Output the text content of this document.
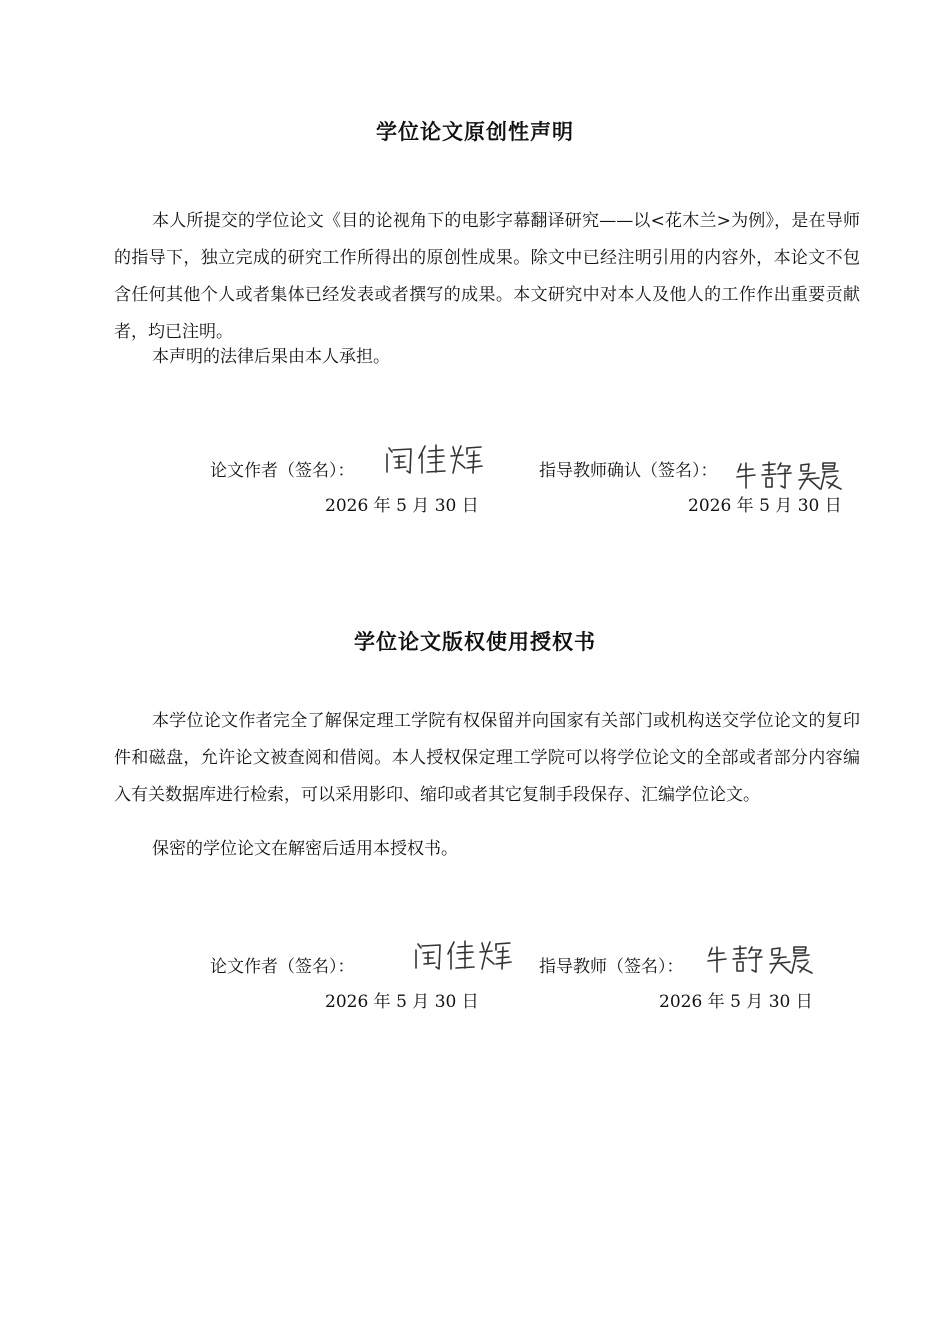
学位论文原创性声明

本人所提交的学位论文《目的论视角下的电影字幕翻译研究——以<花木兰>为例》，是在导师的指导下，独立完成的研究工作所得出的原创性成果。除文中已经注明引用的内容外，本论文不包含任何其他个人或者集体已经发表或者撰写的成果。本文研究中对本人及他人的工作作出重要贡献者，均已注明。

本声明的法律后果由本人承担。

论文作者（签名）：	指导教师确认（签名）：
2026 年 5 月 30 日	2026 年 5 月 30 日
学位论文版权使用授权书

本学位论文作者完全了解保定理工学院有权保留并向国家有关部门或机构送交学位论文的复印件和磁盘，允许论文被查阅和借阅。本人授权保定理工学院可以将学位论文的全部或者部分内容编入有关数据库进行检索，可以采用影印、缩印或者其它复制手段保存、汇编学位论文。

保密的学位论文在解密后适用本授权书。

论文作者（签名）：	指导教师（签名）：
2026 年 5 月 30 日	2026 年 5 月 30 日
